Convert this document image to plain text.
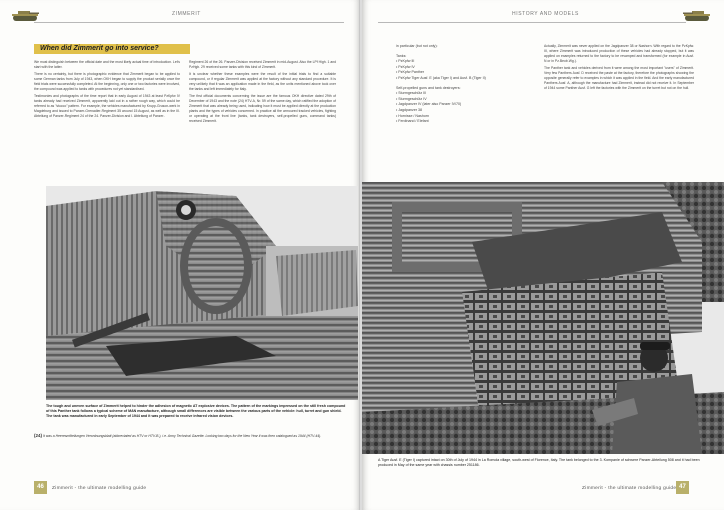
ZIMMERIT
When did Zimmerit go into service?

We must distinguish between the official date and the most likely actual time of introduction. Let's start with the latter.

There is no certainty, but there is photographic evidence that Zimmerit began to be applied to some German tanks from July of 1943, when OKH began to supply the product serially once the field trials were successfully completed. At the beginning, only one or two factories were involved, the compound was applied to tanks with procedures not yet standardised.

Testimonies and photographs of the time report that in early August of 1943 at least PzKpfw IV tanks already had received Zimmerit, apparently laid out in a rather rough way, which could be referred to as "stucco" pattern. For example, the vehicles manufactured by Krupp-Gruson-werk in Magdeburg and issued to Panzer-Grenadier-Regiment 35 around 15 August, as well as in the III. Abteilung of Panzer-Regiment 24 of the 24. Panzer-Division and I. Abteilung of Panzer-

Regiment 26 of the 26. Panzer-Division received Zimmerit in mid-August. Also the LPf High. 1 and PzHgb. 29 received some tanks with this kind of Zimmerit.

It is unclear whether these examples were the result of the initial trials to find a suitable compound, or if regular Zimmerit was applied at the factory without any standard procedure. It is very unlikely that it was an application made in the field, as the units mentioned above took over the tanks and left immediately for Italy.

The first official documents concerning the issue are the famous OKH directive dated 29th of December of 1943 and the note (24) HTV-A, Nr. 59 of the same day, which ratified the adoption of Zimmerit that was already being used, indicating how it must be applied directly at the production plants and the types of vehicles concerned. In practice all the armoured tracked vehicles, fighting or operating at the front line (tanks, tank destroyers, self-propelled guns, command tanks) received Zimmerit.

The tough and uneven surface of Zimmerit helped to hinder the adhesion of magnetic AT explosive devices. The pattern of the markings impressed on the still fresh compound of this Panther tank follows a typical scheme of MAN manufacture, although small differences are visible between the various parts of the vehicle: hull, turret and gun shield. The tank was manufactured in early September of 1944 and it was prepared to receive infrared vision devices.
(24) It was a Heeresmitteilungen Verordnungsblatt (abbreviated as HTV or HTV-B.), i.e. Army Technical Gazette. Looking two days for the New Year it was then catalogued as 1944 (HTV-44).
46	Zimmerit - the ultimate modelling guide
HISTORY AND MODELS
in particular (but not only):
Tanks:
• PzKpfw III
• PzKpfw IV
• PzKpfw Panther
• PzKpfw Tiger Ausf. E (aka Tiger I) and Ausf. B (Tiger II)
Self-propelled guns and tank destroyers:
• Sturmgeschütz III
• Sturmgeschütz IV
• Jagdpanzer IV (later also Panzer IV/70)
• Jagdpanzer 38
• Hornisse / Nashorn
• Ferdinand / Elefant

Actually, Zimmerit was never applied on the Jagdpanzer 38 or Nashorn. With regard to the PzKpfw. III, where Zimmerit was introduced production of these vehicles had already stopped, but it was applied on examples returned to the factory to be revamped and transformed (for example in Ausf. N or in Pz.Beob.Wg.).

The Panther tank and vehicles derived from it were among the most important "users" of Zimmerit. Very few Panthers Ausf. D received the paste at the factory, therefore the photographs showing the opposite generally refer to examples in which it was applied in the field. And the early manufactured Panthers Ausf. A, although the manufacture had Zimmerit, instead did not receive it. In September of 1944 some Panther Ausf. G left the factories with the Zimmerit on the turret but not on the hull.

A Tiger Ausf. E (Tiger I) captured intact on 30th of July of 1944 in La Romola village, south-west of Florence, Italy. The tank belonged to the 3. Kompanie of schwere Panzer-Abteilung 508 and it had been produced in May of the same year with chassis number 251186.
Zimmerit - the ultimate modelling guide 47
